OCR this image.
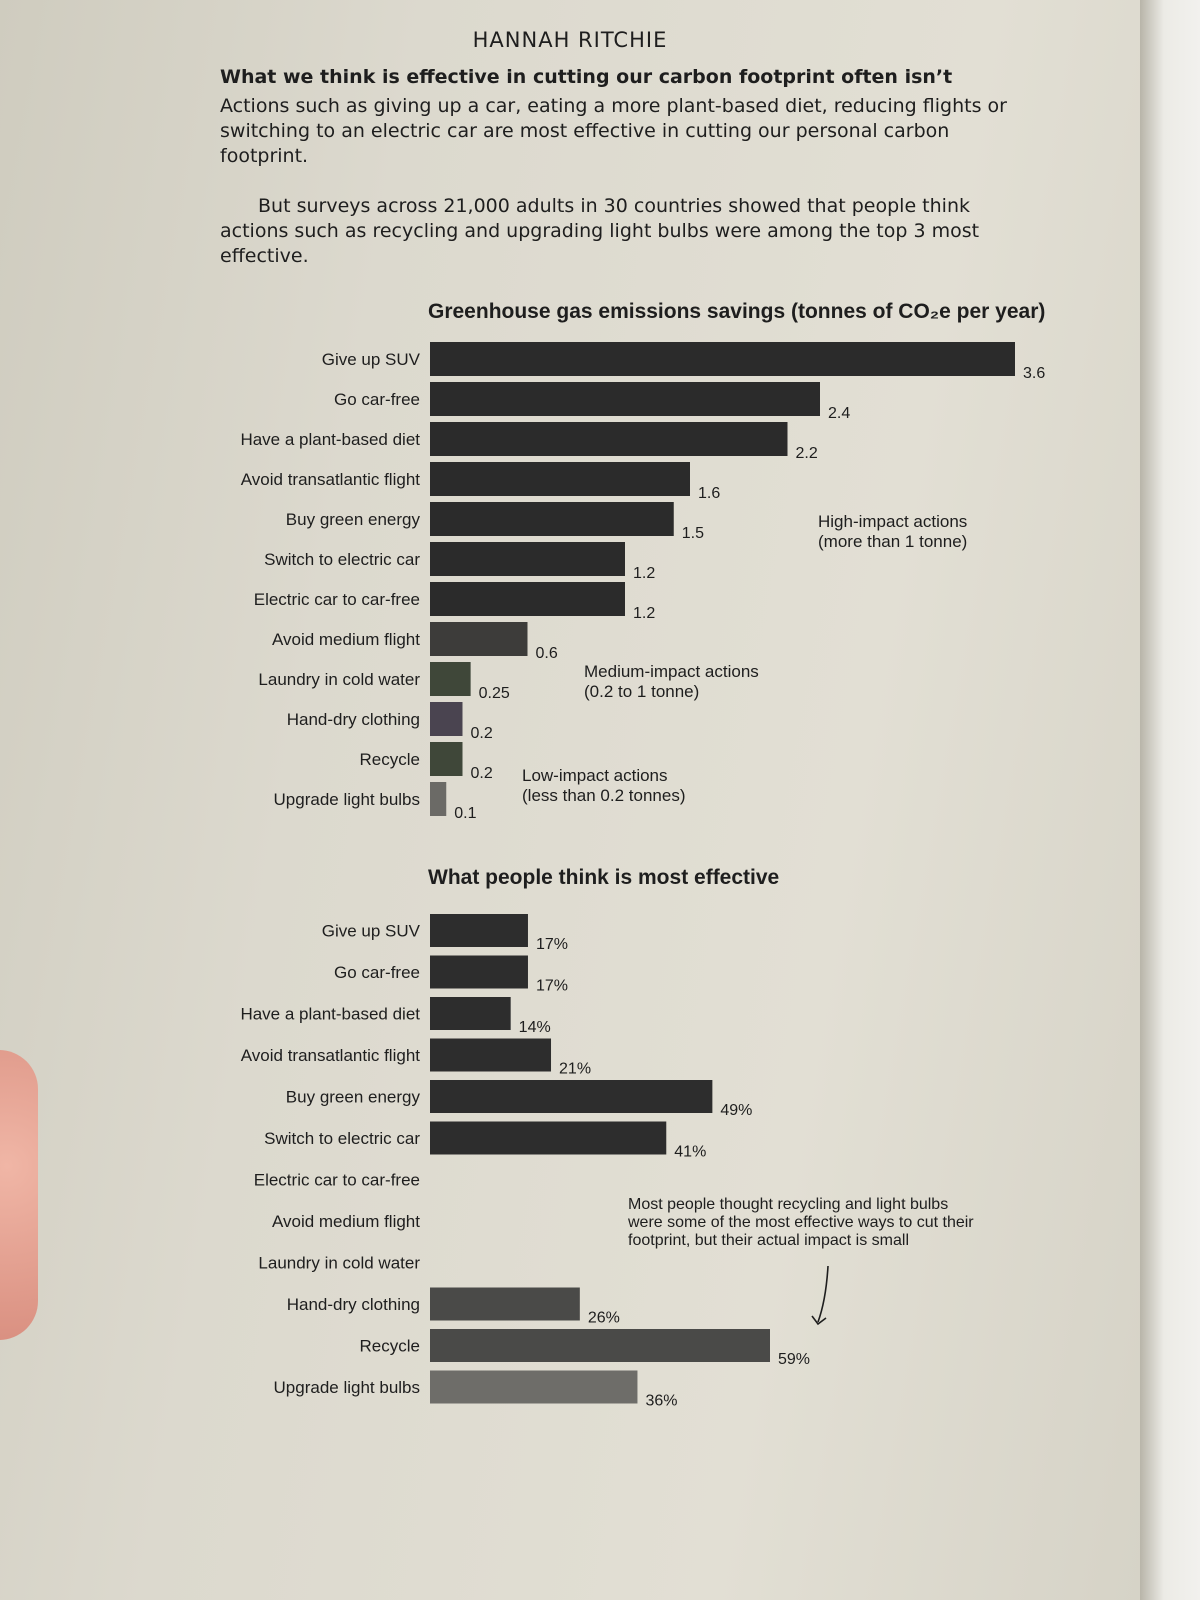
HANNAH RITCHIE
What we think is effective in cutting our carbon footprint often isn’t

Actions such as giving up a car, eating a more plant-based diet, reducing flights or switching to an electric car are most effective in cutting our personal carbon footprint.

But surveys across 21,000 adults in 30 countries showed that people think actions such as recycling and upgrading light bulbs were among the top 3 most effective.

Greenhouse gas emissions savings (tonnes of CO₂e per year)
What people think is most effective
High-impact actions
(more than 1 tonne)
Medium-impact actions
(0.2 to 1 tonne)
Low-impact actions
(less than 0.2 tonnes)
Most people thought recycling and light bulbs
were some of the most effective ways to cut their
footprint, but their actual impact is small
Give up SUV
3.6
Go car-free
2.4
Have a plant-based diet
2.2
Avoid transatlantic flight
1.6
Buy green energy
1.5
Switch to electric car
1.2
Electric car to car-free
1.2
Avoid medium flight
0.6
Laundry in cold water
0.25
Hand-dry clothing
0.2
Recycle
0.2
Upgrade light bulbs
0.1
Give up SUV
17%
Go car-free
17%
Have a plant-based diet
14%
Avoid transatlantic flight
21%
Buy green energy
49%
Switch to electric car
41%
Electric car to car-free
Avoid medium flight
Laundry in cold water
Hand-dry clothing
26%
Recycle
59%
Upgrade light bulbs
36%
